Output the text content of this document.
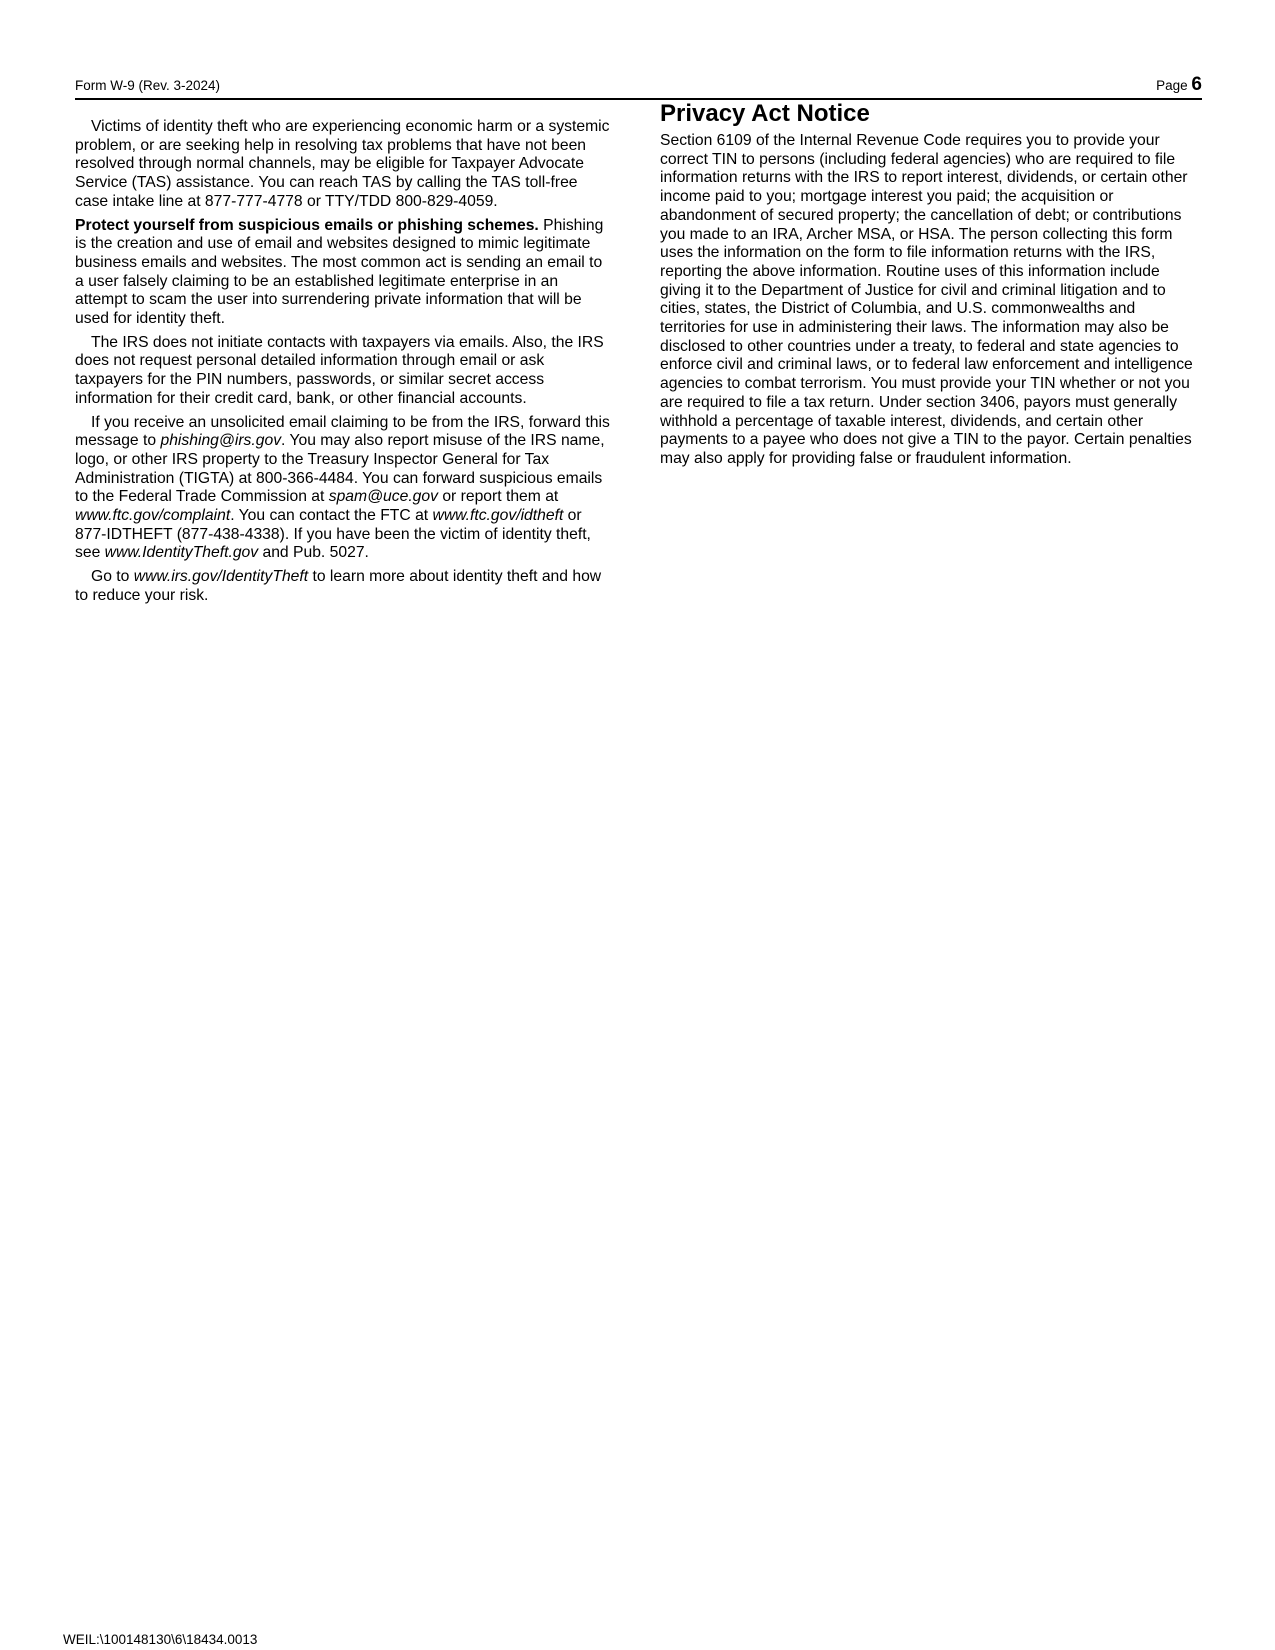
Form W-9 (Rev. 3-2024)	Page 6

Victims of identity theft who are experiencing economic harm or a systemic problem, or are seeking help in resolving tax problems that have not been resolved through normal channels, may be eligible for Taxpayer Advocate Service (TAS) assistance. You can reach TAS by calling the TAS toll-free case intake line at 877-777-4778 or TTY/TDD 800-829-4059.

Protect yourself from suspicious emails or phishing schemes. Phishing is the creation and use of email and websites designed to mimic legitimate business emails and websites. The most common act is sending an email to a user falsely claiming to be an established legitimate enterprise in an attempt to scam the user into surrendering private information that will be used for identity theft.

The IRS does not initiate contacts with taxpayers via emails. Also, the IRS does not request personal detailed information through email or ask taxpayers for the PIN numbers, passwords, or similar secret access information for their credit card, bank, or other financial accounts.

If you receive an unsolicited email claiming to be from the IRS, forward this message to phishing@irs.gov. You may also report misuse of the IRS name, logo, or other IRS property to the Treasury Inspector General for Tax Administration (TIGTA) at 800-366-4484. You can forward suspicious emails to the Federal Trade Commission at spam@uce.gov or report them at www.ftc.gov/complaint. You can contact the FTC at www.ftc.gov/idtheft or 877-IDTHEFT (877-438-4338). If you have been the victim of identity theft, see www.IdentityTheft.gov and Pub. 5027.

Go to www.irs.gov/IdentityTheft to learn more about identity theft and how to reduce your risk.

Privacy Act Notice

Section 6109 of the Internal Revenue Code requires you to provide your correct TIN to persons (including federal agencies) who are required to file information returns with the IRS to report interest, dividends, or certain other income paid to you; mortgage interest you paid; the acquisition or abandonment of secured property; the cancellation of debt; or contributions you made to an IRA, Archer MSA, or HSA. The person collecting this form uses the information on the form to file information returns with the IRS, reporting the above information. Routine uses of this information include giving it to the Department of Justice for civil and criminal litigation and to cities, states, the District of Columbia, and U.S. commonwealths and territories for use in administering their laws. The information may also be disclosed to other countries under a treaty, to federal and state agencies to enforce civil and criminal laws, or to federal law enforcement and intelligence agencies to combat terrorism. You must provide your TIN whether or not you are required to file a tax return. Under section 3406, payors must generally withhold a percentage of taxable interest, dividends, and certain other payments to a payee who does not give a TIN to the payor. Certain penalties may also apply for providing false or fraudulent information.

WEIL:\100148130\6\18434.0013
